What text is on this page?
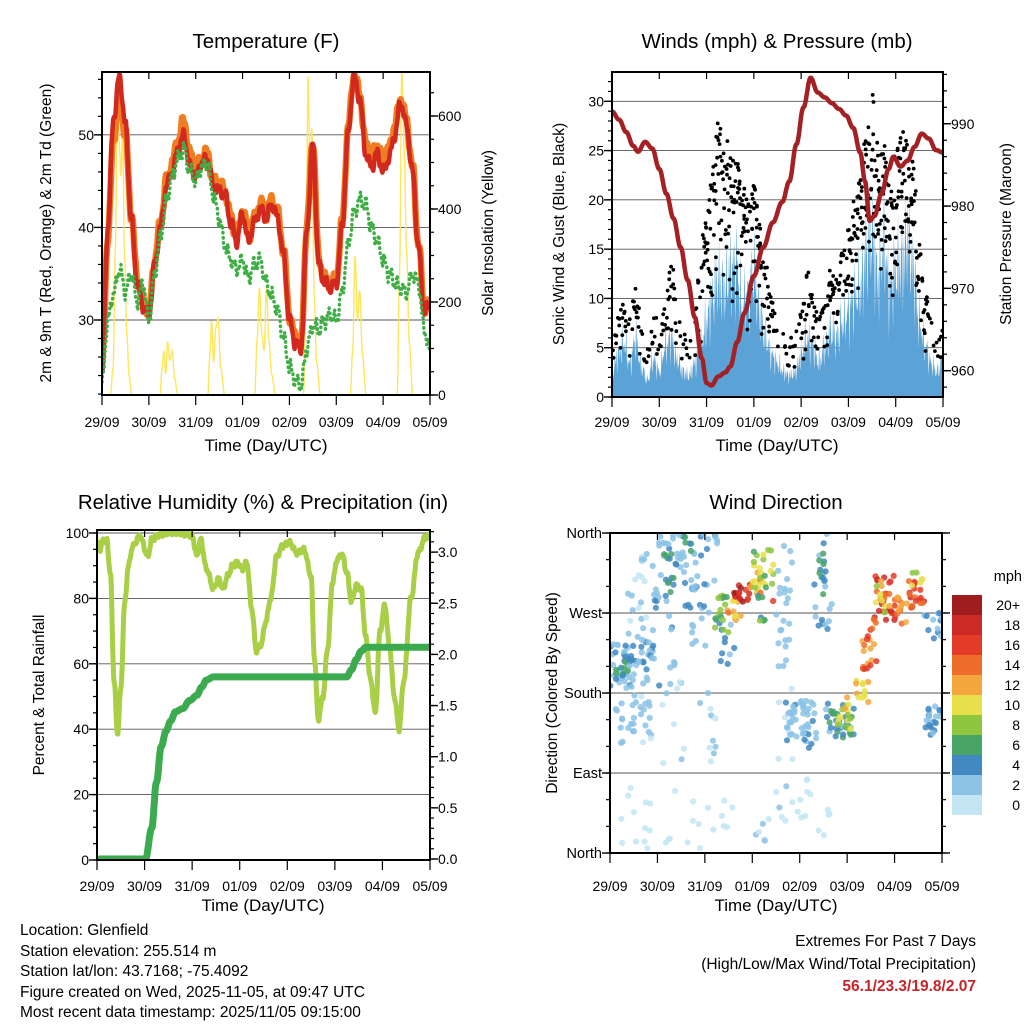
29/09 30/09 31/09 01/09 02/09 03/09 04/09 05/09
30
40
50
0
200
400
600
29/09 30/09 31/09 01/09 02/09 03/09 04/09 05/09
0
5
10
15
20
25
30
960
970
980
990
29/09 30/09 31/09 01/09 02/09 03/09 04/09 05/09
0
20
40
60
80
100
0.0
0.5
1.0
1.5
2.0
2.5
3.0
29/09 30/09 31/09 01/09 02/09 03/09 04/09 05/09
North
West
South
East
North
20+
18
16
14
12
10
8
6
4
2
0
Temperature (F)	Winds (mph) & Pressure (mb)
Relative Humidity (%) & Precipitation (in)	Wind Direction
Time (Day/UTC)	Time (Day/UTC)
Time (Day/UTC)	Time (Day/UTC)
2m & 9m T (Red, Orange) & 2m Td (Green)	Solar Insolation (Yellow)	Sonic Wind & Gust (Blue, Black)	Station Pressure (Maroon)
Percent & Total Rainfall	Direction (Colored By Speed)
mph
Location: Glenfield
Station elevation: 255.514 m
Station lat/lon: 43.7168; -75.4092
Figure created on Wed, 2025-11-05, at 09:47 UTC
Most recent data timestamp: 2025/11/05 09:15:00
Extremes For Past 7 Days
(High/Low/Max Wind/Total Precipitation)
56.1/23.3/19.8/2.07
